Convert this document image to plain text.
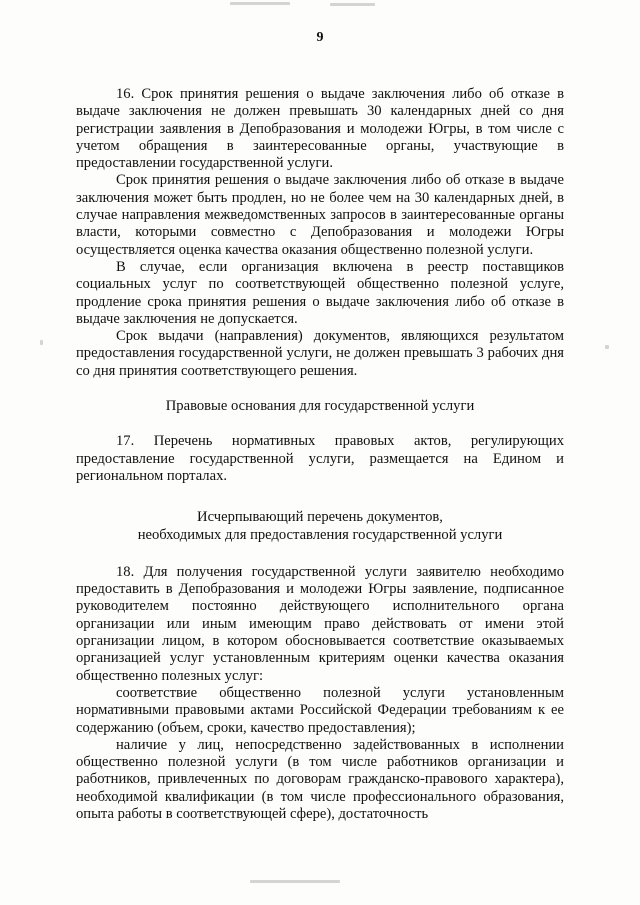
9

16. Срок принятия решения о выдаче заключения либо об отказе в выдаче заключения не должен превышать 30 календарных дней со дня регистрации заявления в Депобразования и молодежи Югры, в том числе с учетом обращения в заинтересованные органы, участвующие в предоставлении государственной услуги.

Срок принятия решения о выдаче заключения либо об отказе в выдаче заключения может быть продлен, но не более чем на 30 календарных дней, в случае направления межведомственных запросов в заинтересованные органы власти, которыми совместно с Депобразования и молодежи Югры осуществляется оценка качества оказания общественно полезной услуги.

В случае, если организация включена в реестр поставщиков социальных услуг по соответствующей общественно полезной услуге, продление срока принятия решения о выдаче заключения либо об отказе в выдаче заключения не допускается.

Срок выдачи (направления) документов, являющихся результатом предоставления государственной услуги, не должен превышать 3 рабочих дня со дня принятия соответствующего решения.

Правовые основания для государственной услуги

17. Перечень нормативных правовых актов, регулирующих предоставление государственной услуги, размещается на Едином и региональном порталах.

Исчерпывающий перечень документов,
необходимых для предоставления государственной услуги

18. Для получения государственной услуги заявителю необходимо предоставить в Депобразования и молодежи Югры заявление, подписанное руководителем постоянно действующего исполнительного органа организации или иным имеющим право действовать от имени этой организации лицом, в котором обосновывается соответствие оказываемых организацией услуг установленным критериям оценки качества оказания общественно полезных услуг:

соответствие общественно полезной услуги установленным нормативными правовыми актами Российской Федерации требованиям к ее содержанию (объем, сроки, качество предоставления);

наличие у лиц, непосредственно задействованных в исполнении общественно полезной услуги (в том числе работников организации и работников, привлеченных по договорам гражданско-правового характера), необходимой квалификации (в том числе профессионального образования, опыта работы в соответствующей сфере), достаточность
